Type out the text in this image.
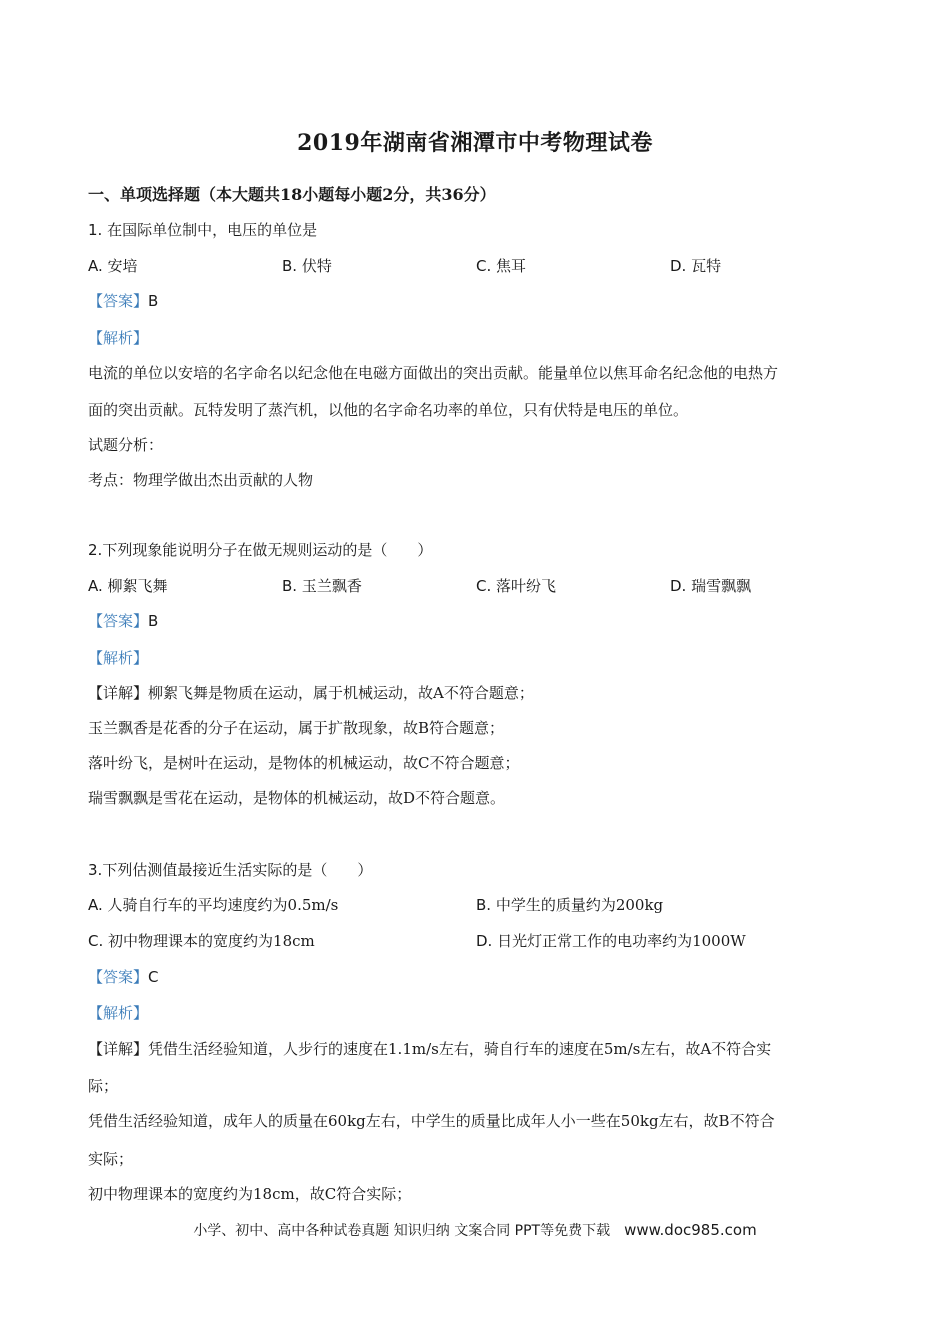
2019年湖南省湘潭市中考物理试卷
一、单项选择题（本大题共18小题每小题2分，共36分）
1. 在国际单位制中，电压的单位是
A. 安培	B. 伏特	C. 焦耳	D. 瓦特
【答案】B
【解析】
电流的单位以安培的名字命名以纪念他在电磁方面做出的突出贡献。能量单位以焦耳命名纪念他的电热方
面的突出贡献。瓦特发明了蒸汽机，以他的名字命名功率的单位，只有伏特是电压的单位。
试题分析：
考点：物理学做出杰出贡献的人物
2.下列现象能说明分子在做无规则运动的是（　　）
A. 柳絮飞舞	B. 玉兰飘香	C. 落叶纷飞	D. 瑞雪飘飘
【答案】B
【解析】
【详解】柳絮飞舞是物质在运动，属于机械运动，故A不符合题意；
玉兰飘香是花香的分子在运动，属于扩散现象，故B符合题意；
落叶纷飞，是树叶在运动，是物体的机械运动，故C不符合题意；
瑞雪飘飘是雪花在运动，是物体的机械运动，故D不符合题意。
3.下列估测值最接近生活实际的是（　　）
A. 人骑自行车的平均速度约为0.5m/s	B. 中学生的质量约为200kg
C. 初中物理课本的宽度约为18cm	D. 日光灯正常工作的电功率约为1000W
【答案】C
【解析】
【详解】凭借生活经验知道，人步行的速度在1.1m/s左右，骑自行车的速度在5m/s左右，故A不符合实
际；
凭借生活经验知道，成年人的质量在60kg左右，中学生的质量比成年人小一些在50kg左右，故B不符合
实际；
初中物理课本的宽度约为18cm，故C符合实际；
小学、初中、高中各种试卷真题 知识归纳 文案合同 PPT等免费下载 www.doc985.com
